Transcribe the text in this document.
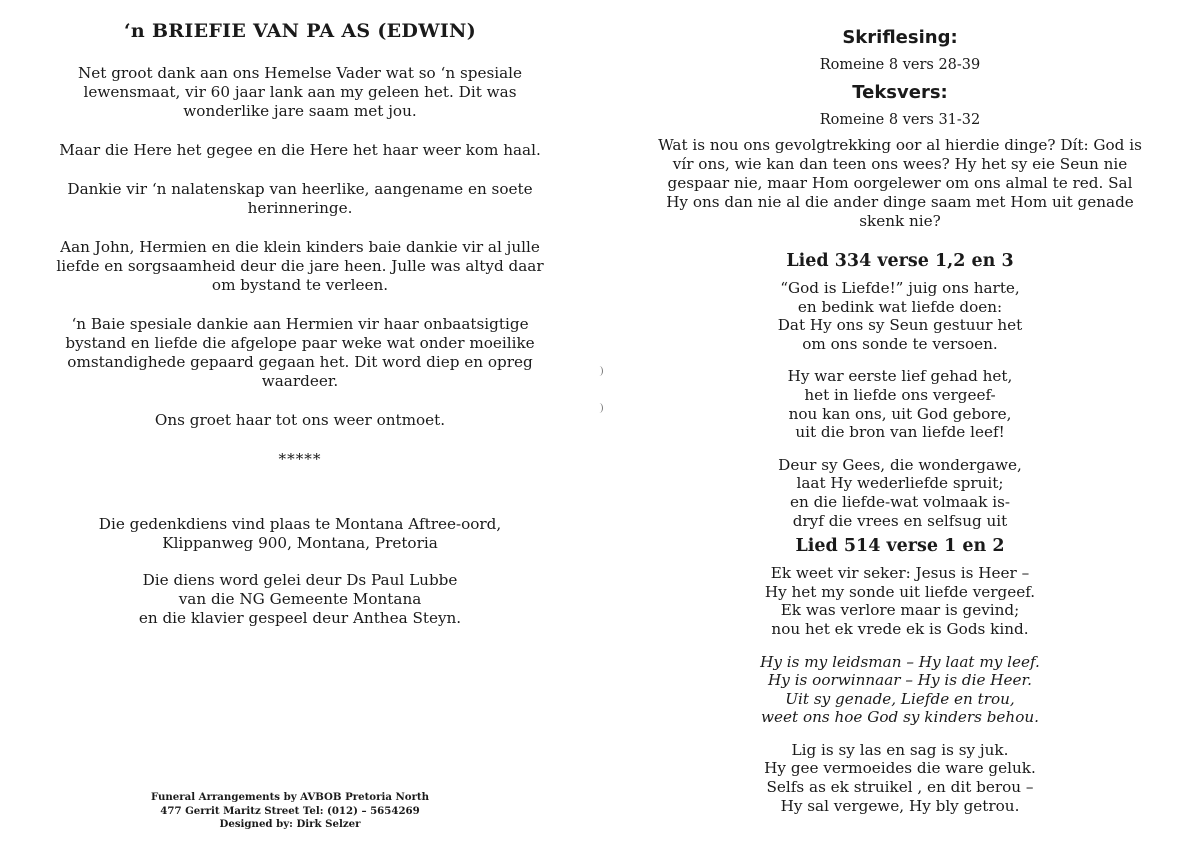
‘n BRIEFIE VAN PA AS (EDWIN)
Net groot dank aan ons Hemelse Vader wat so ‘n spesiale
lewensmaat, vir 60 jaar lank aan my geleen het. Dit was
wonderlike jare saam met jou.
Maar die Here het gegee en die Here het haar weer kom haal.
Dankie vir ‘n nalatenskap van heerlike, aangename en soete
herinneringe.
Aan John, Hermien en die klein kinders baie dankie vir al julle
liefde en sorgsaamheid deur die jare heen. Julle was altyd daar
om bystand te verleen.
‘n Baie spesiale dankie aan Hermien vir haar onbaatsigtige
bystand en liefde die afgelope paar weke wat onder moeilike
omstandighede gepaard gegaan het. Dit word diep en opreg
waardeer.
Ons groet haar tot ons weer ontmoet.
*****
Die gedenkdiens vind plaas te Montana Aftree-oord,
Klippanweg 900, Montana, Pretoria
Die diens word gelei deur Ds Paul Lubbe
van die NG Gemeente Montana
en die klavier gespeel deur Anthea Steyn.
Funeral Arrangements by AVBOB Pretoria North
477 Gerrit Maritz Street Tel: (012) – 5654269
Designed by: Dirk Selzer
Skriflesing:
Romeine 8 vers 28-39
Teksvers:
Romeine 8 vers 31-32
Wat is nou ons gevolgtrekking oor al hierdie dinge? Dít: God is
vír ons, wie kan dan teen ons wees? Hy het sy eie Seun nie
gespaar nie, maar Hom oorgelewer om ons almal te red. Sal
Hy ons dan nie al die ander dinge saam met Hom uit genade
skenk nie?
Lied 334 verse 1,2 en 3
“God is Liefde!” juig ons harte,
en bedink wat liefde doen:
Dat Hy ons sy Seun gestuur het
om ons sonde te versoen.
Hy war eerste lief gehad het,
het in liefde ons vergeef-
nou kan ons, uit God gebore,
uit die bron van liefde leef!
Deur sy Gees, die wondergawe,
laat Hy wederliefde spruit;
en die liefde-wat volmaak is-
dryf die vrees en selfsug uit
Lied 514 verse 1 en 2
Ek weet vir seker: Jesus is Heer –
Hy het my sonde uit liefde vergeef.
Ek was verlore maar is gevind;
nou het ek vrede ek is Gods kind.
Hy is my leidsman – Hy laat my leef.
Hy is oorwinnaar – Hy is die Heer.
Uit sy genade, Liefde en trou,
weet ons hoe God sy kinders behou.
Lig is sy las en sag is sy juk.
Hy gee vermoeides die ware geluk.
Selfs as ek struikel , en dit berou –
Hy sal vergewe, Hy bly getrou.
